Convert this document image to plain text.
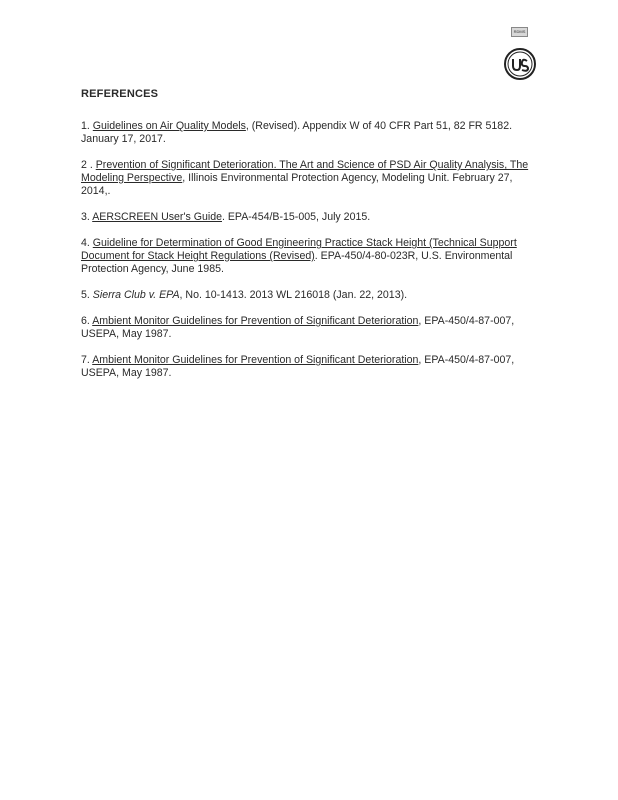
RDMS
REFERENCES
1. Guidelines on Air Quality Models, (Revised). Appendix W of 40 CFR Part 51, 82 FR 5182. January 17, 2017.
2 . Prevention of Significant Deterioration. The Art and Science of PSD Air Quality Analysis, The Modeling Perspective, Illinois Environmental Protection Agency, Modeling Unit. February 27, 2014,.
3. AERSCREEN User's Guide. EPA-454/B-15-005, July 2015.
4. Guideline for Determination of Good Engineering Practice Stack Height (Technical Support Document for Stack Height Regulations (Revised). EPA-450/4-80-023R, U.S. Environmental Protection Agency, June 1985.
5. Sierra Club v. EPA, No. 10-1413. 2013 WL 216018 (Jan. 22, 2013).
6. Ambient Monitor Guidelines for Prevention of Significant Deterioration, EPA-450/4-87-007, USEPA, May 1987.
7. Ambient Monitor Guidelines for Prevention of Significant Deterioration, EPA-450/4-87-007, USEPA, May 1987.
